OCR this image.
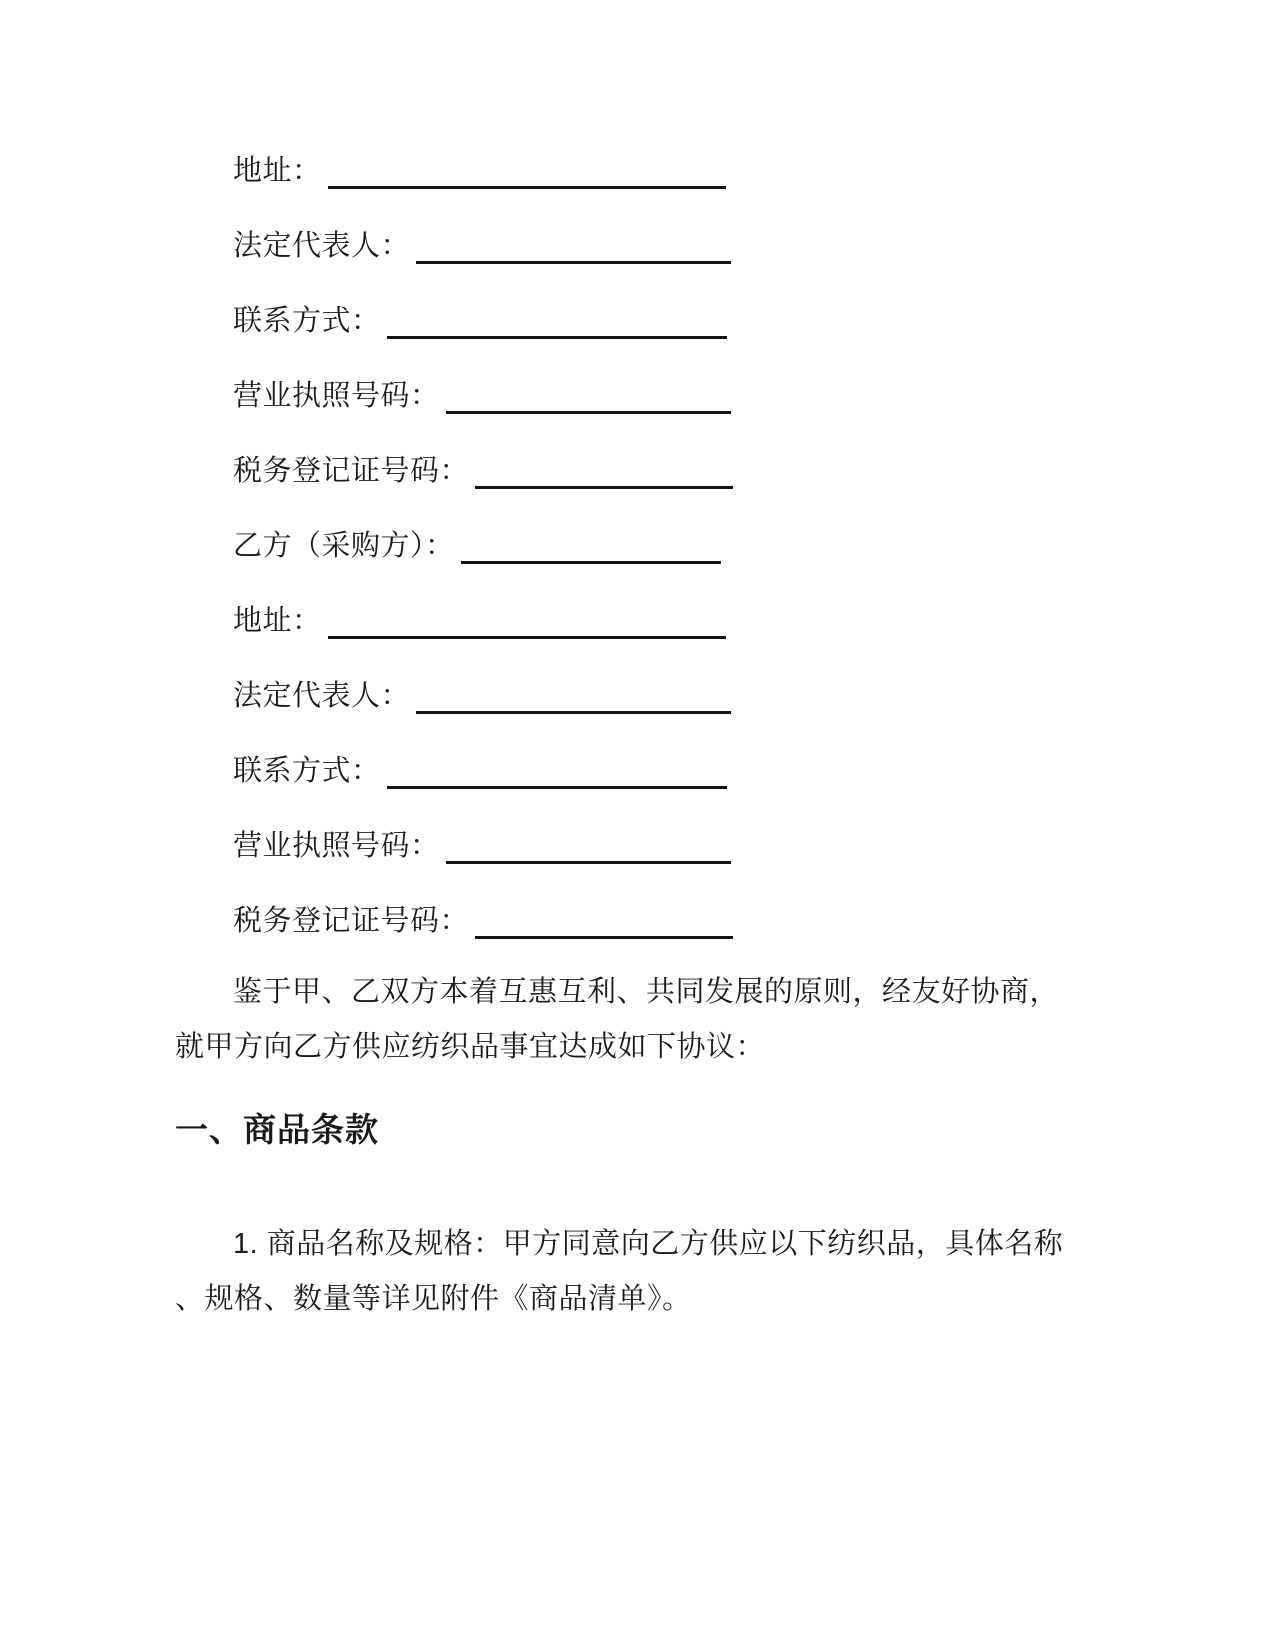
地址：
法定代表人：
联系方式：
营业执照号码：
税务登记证号码：
乙方（采购方）：
地址：
法定代表人：
联系方式：
营业执照号码：
税务登记证号码：
鉴于甲、乙双方本着互惠互利、共同发展的原则，经友好协商，
就甲方向乙方供应纺织品事宜达成如下协议：
一、商品条款
1. 商品名称及规格：甲方同意向乙方供应以下纺织品，具体名称
、规格、数量等详见附件《商品清单》。
